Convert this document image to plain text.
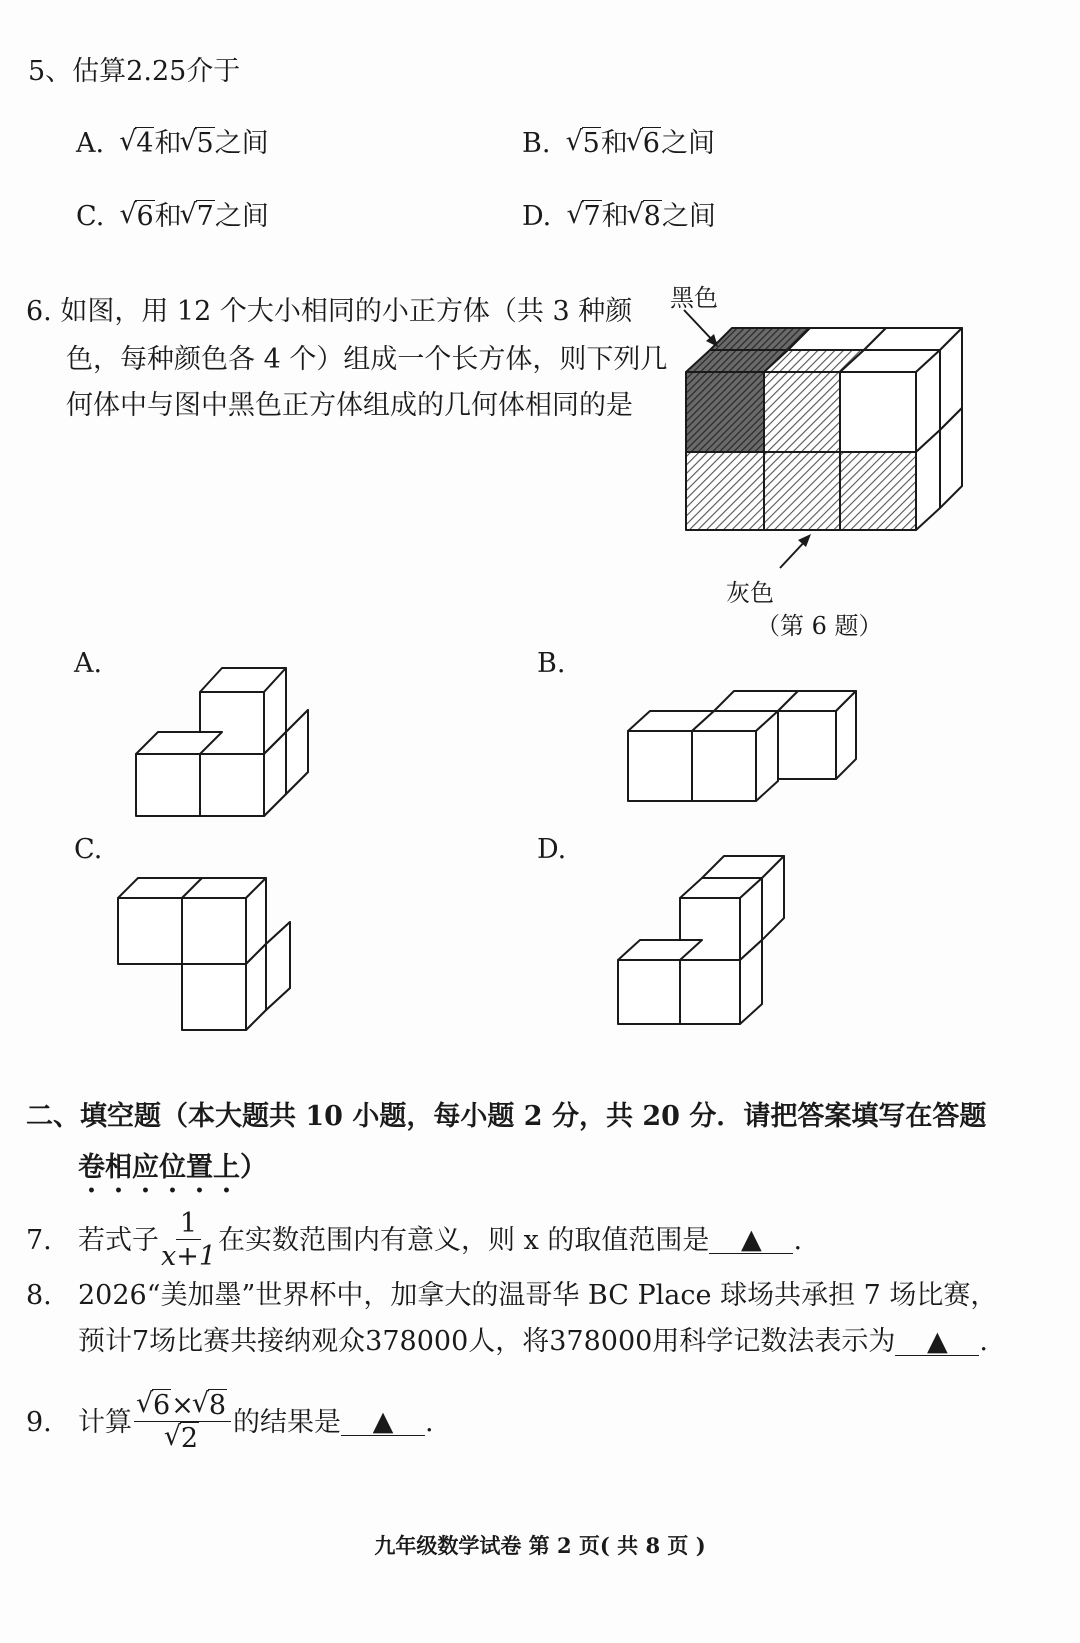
5、估算2.25介于
A. √ 4和 √ 5之间	B. √ 5和 √ 6之间
C. √ 6和 √ 7之间	D. √ 7和 √ 8之间
6. 如图，用 12 个大小相同的小正方体（共 3 种颜
色，每种颜色各 4 个）组成一个长方体，则下列几
何体中与图中黑色正方体组成的几何体相同的是
黑色
灰色
（第 6 题）
A.	B.
C.	D.
二、填空题（本大题共 10 小题，每小题 2 分，共 20 分．请把答案填写在答题
卷相应位置上）
7. 若式子 $\frac{1}{x+1}$ 在实数范围内有意义，则 x 的取值范围是	▲	.
8. 2026“美加墨”世界杯中，加拿大的温哥华 BC Place 球场共承担 7 场比赛，
预计7场比赛共接纳观众378000人，将378000用科学记数法表示为 ▲ .
9. 计算 √ 6× √ 8
√ 2 的结果是	▲	.
九年级数学试卷 第 2 页( 共 8 页 )
